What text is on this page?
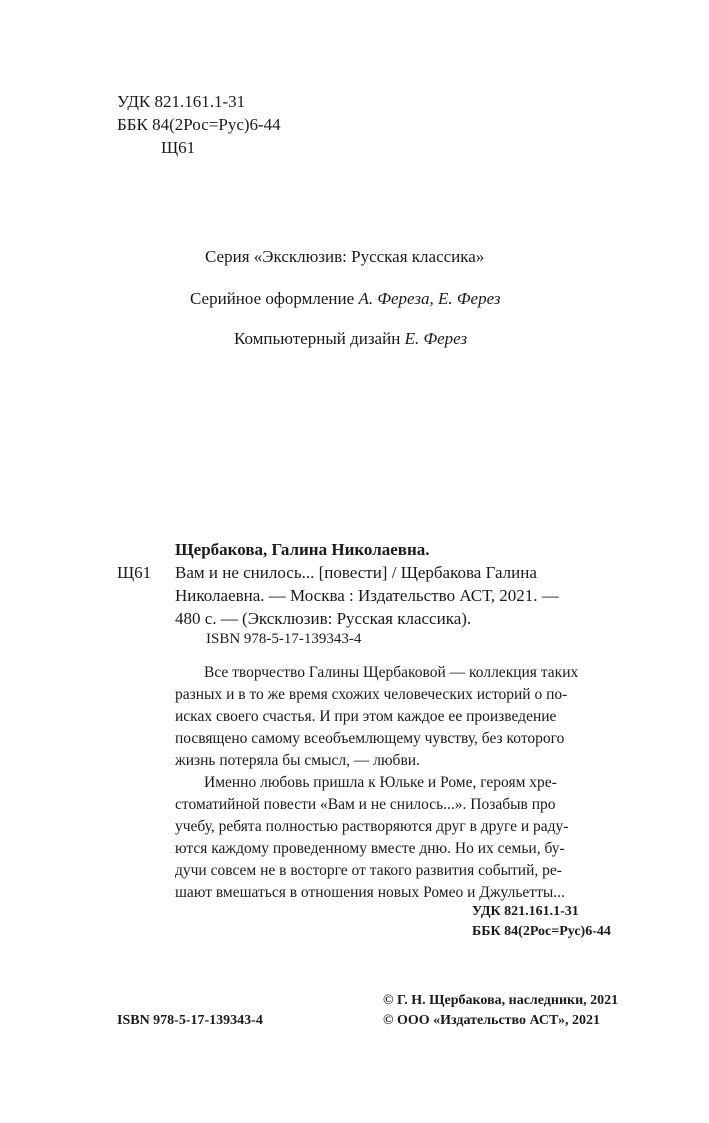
УДК 821.161.1-31
ББК 84(2Рос=Рус)6-44
Щ61
Серия «Эксклюзив: Русская классика»
Серийное оформление А. Фереза, Е. Ферез
Компьютерный дизайн Е. Ферез
Щербакова, Галина Николаевна.
Щ61 Вам и не снилось... [повести] / Щербакова Галина
Николаевна. — Москва : Издательство АСТ, 2021. —
480 с. — (Эксклюзив: Русская классика).
ISBN 978-5-17-139343-4

Все творчество Галины Щербаковой — коллекция таких

разных и в то же время схожих человеческих историй о по-

исках своего счастья. И при этом каждое ее произведение

посвящено самому всеобъемлющему чувству, без которого

жизнь потеряла бы смысл, — любви.

Именно любовь пришла к Юльке и Роме, героям хре-

стоматийной повести «Вам и не снилось...». Позабыв про

учебу, ребята полностью растворяются друг в друге и радy-

ются каждому проведенному вместе дню. Но их семьи, бу-

дучи совсем не в восторге от такого развития событий, ре-

шают вмешаться в отношения новых Ромео и Джульетты...

УДК 821.161.1-31
ББК 84(2Рос=Рус)6-44
© Г. Н. Щербакова, наследники, 2021
ISBN 978-5-17-139343-4	© ООО «Издательство АСТ», 2021
